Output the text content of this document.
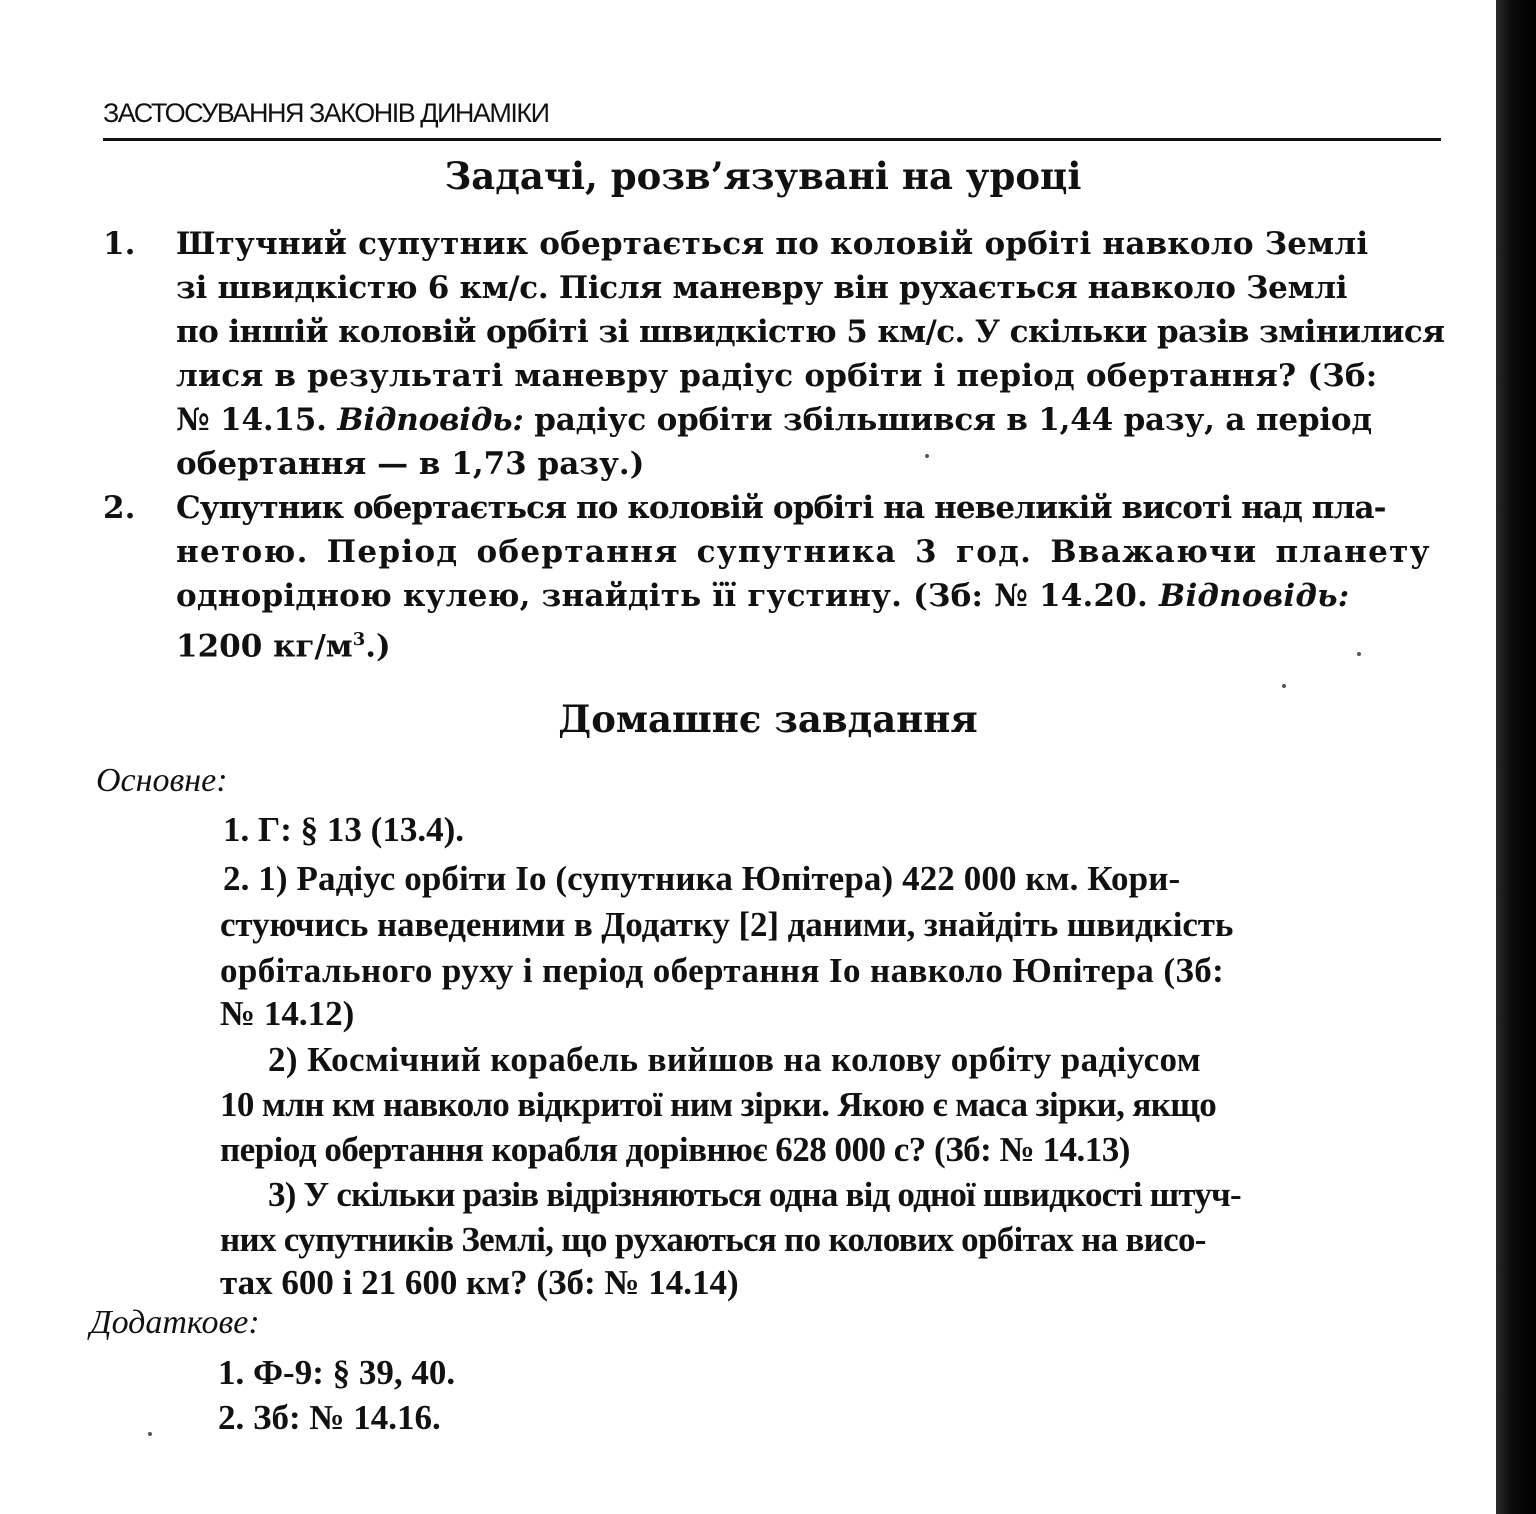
ЗАСТОСУВАННЯ ЗАКОНІВ ДИНАМІКИ
Задачі, розв’язувані на уроці
1. Штучний супутник обертається по коловій орбіті навколо Землі
зі швидкістю 6 км/с. Після маневру він рухається навколо Землі
по іншій коловій орбіті зі швидкістю 5 км/с. У скільки разів змінилися
лися в результаті маневру радіус орбіти і період обертання? (Зб:
№ 14.15. Відповідь: радіус орбіти збільшився в 1,44 разу, а період
обертання — в 1,73 разу.)
2. Супутник обертається по коловій орбіті на невеликій висоті над пла-
нетою. Період обертання супутника 3 год. Вважаючи планету
однорідною кулею, знайдіть її густину. (Зб: № 14.20. Відповідь:
1200 $кг/м^3$.)
Домашнє завдання
Основне:
1. Г: § 13 (13.4).
2. 1) Радіус орбіти Іо (супутника Юпітера) 422 000 км. Кори-
стуючись наведеними в Додатку [2] даними, знайдіть швидкість
орбітального руху і період обертання Іо навколо Юпітера (Зб:
№ 14.12)
2) Космічний корабель вийшов на колову орбіту радіусом
10 млн км навколо відкритої ним зірки. Якою є маса зірки, якщо
період обертання корабля дорівнює 628 000 с? (Зб: № 14.13)
3) У скільки разів відрізняються одна від одної швидкості штуч-
них супутників Землі, що рухаються по колових орбітах на висо-
тах 600 і 21 600 км? (Зб: № 14.14)
Додаткове:
1. Ф-9: § 39, 40.
2. Зб: № 14.16.
